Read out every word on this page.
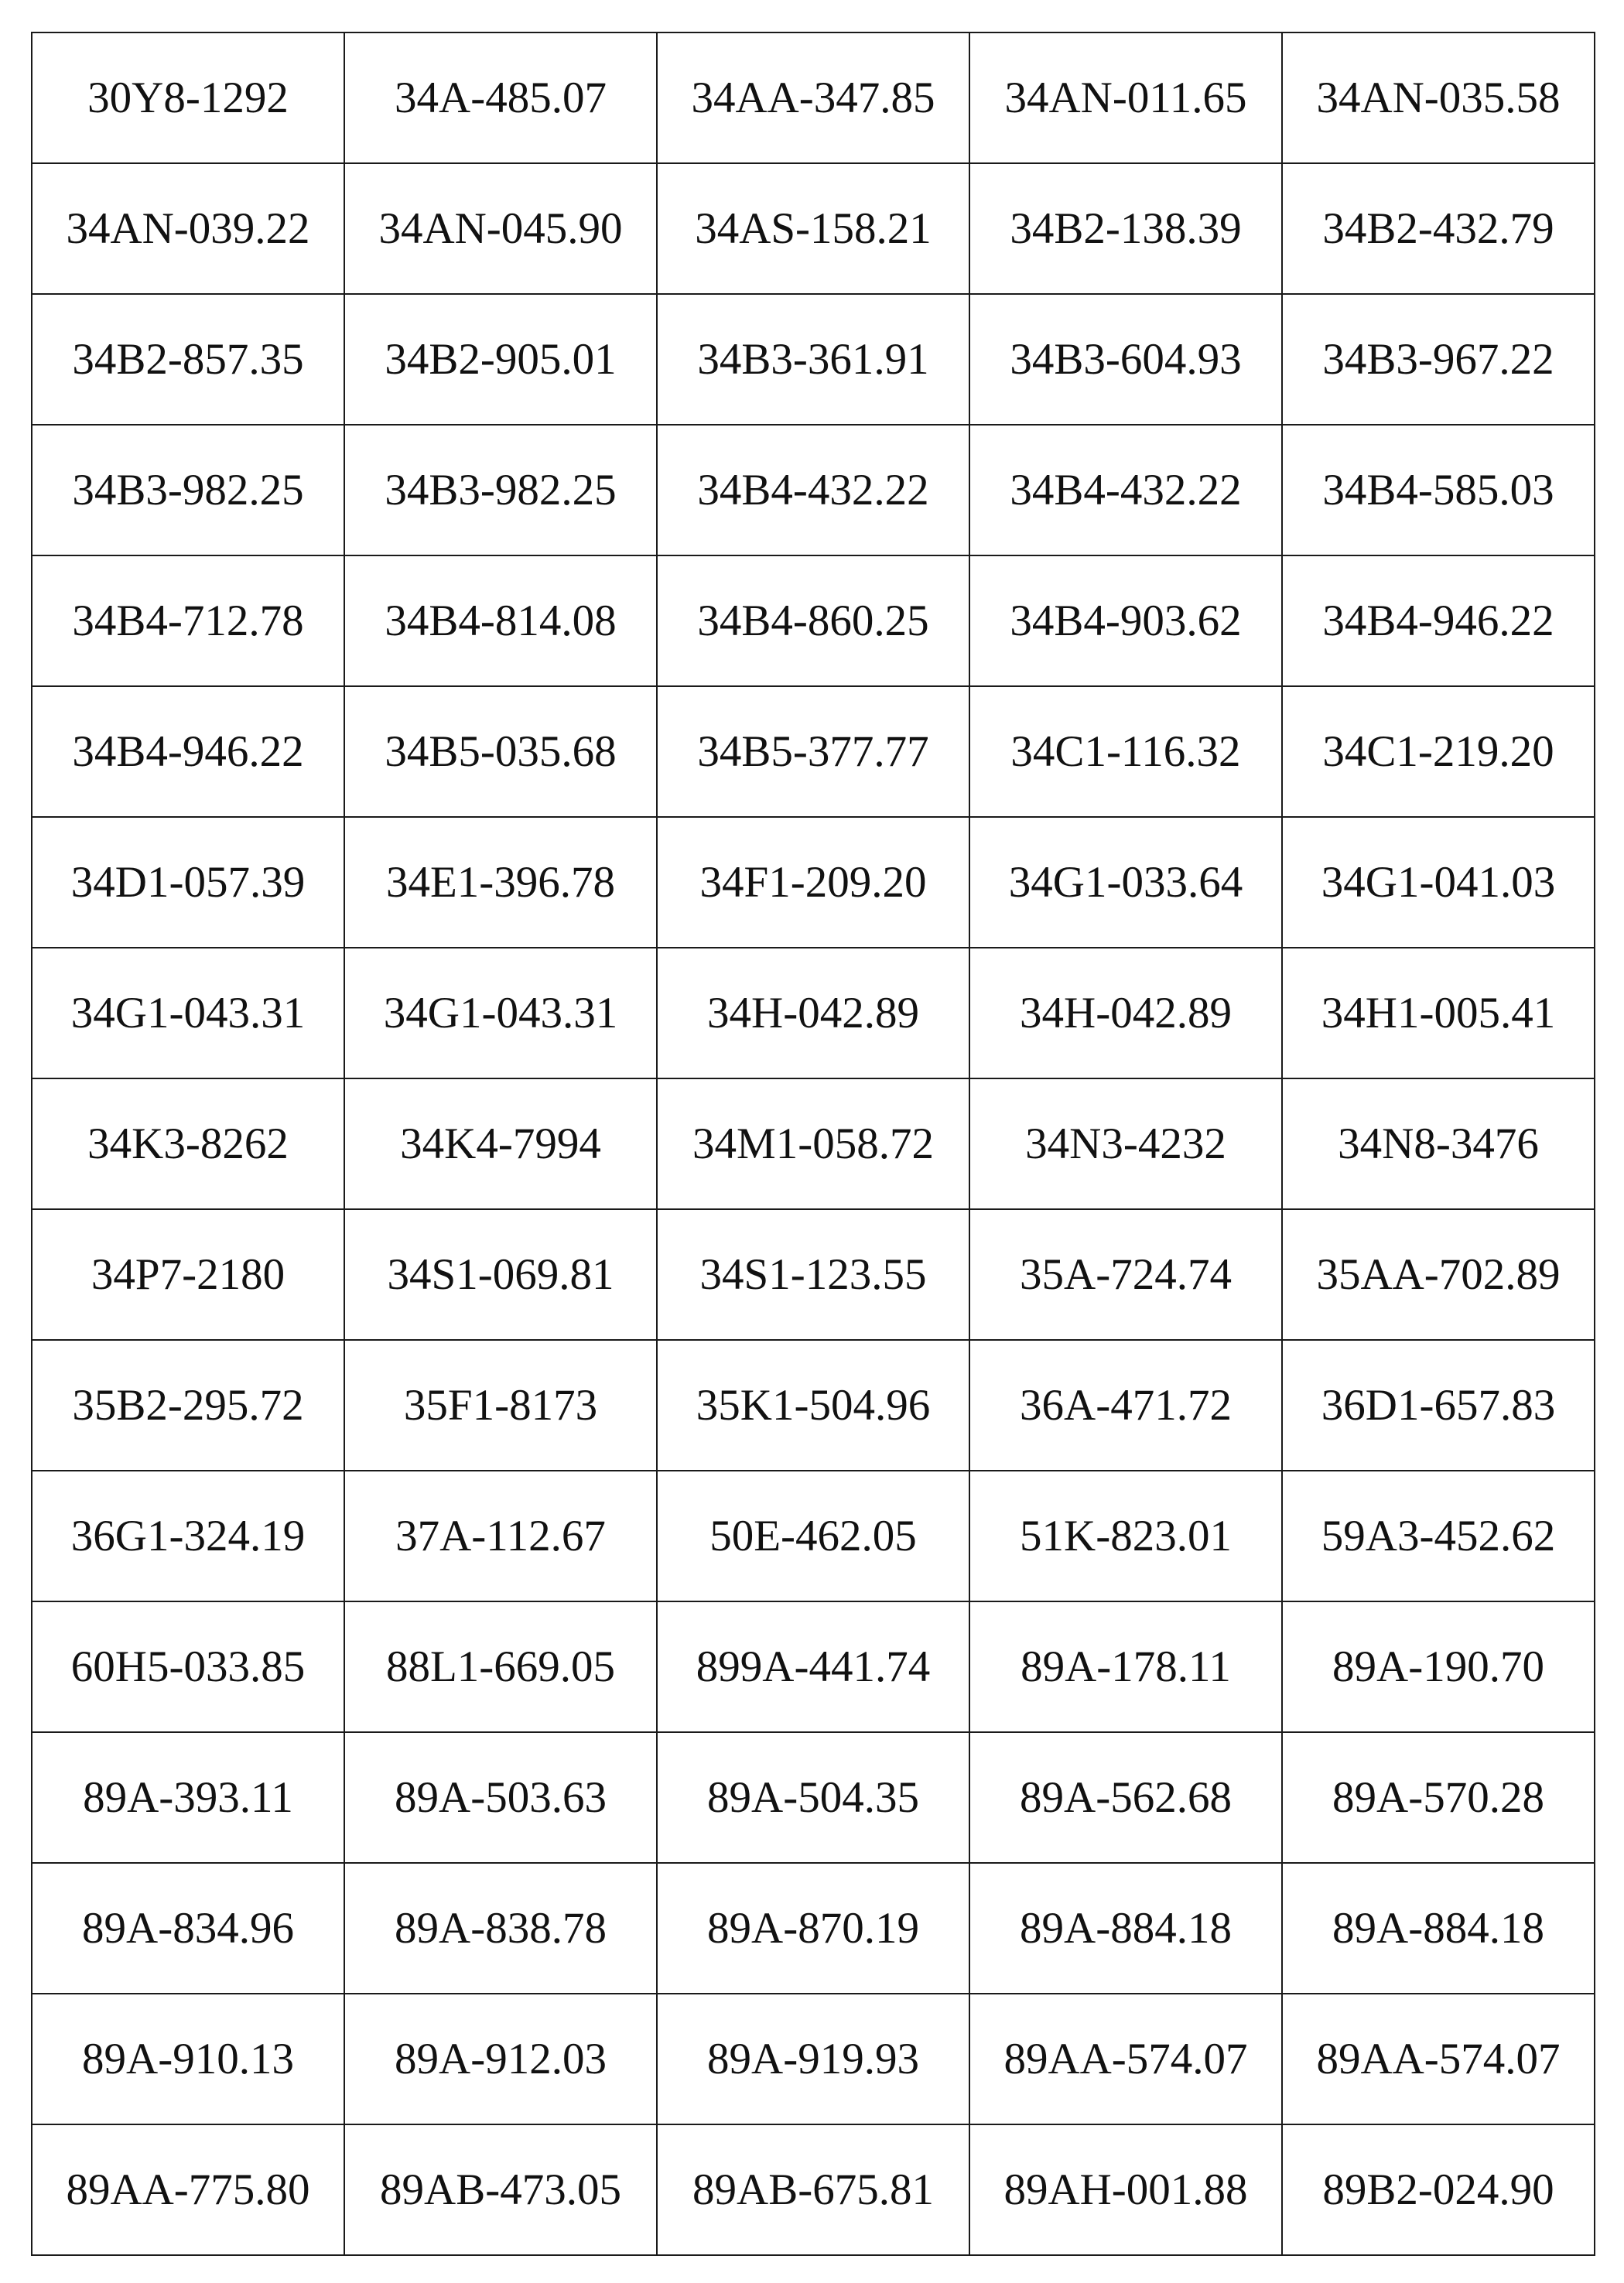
30Y8-1292	34A-485.07	34AA-347.85	34AN-011.65	34AN-035.58
34AN-039.22	34AN-045.90	34AS-158.21	34B2-138.39	34B2-432.79
34B2-857.35	34B2-905.01	34B3-361.91	34B3-604.93	34B3-967.22
34B3-982.25	34B3-982.25	34B4-432.22	34B4-432.22	34B4-585.03
34B4-712.78	34B4-814.08	34B4-860.25	34B4-903.62	34B4-946.22
34B4-946.22	34B5-035.68	34B5-377.77	34C1-116.32	34C1-219.20
34D1-057.39	34E1-396.78	34F1-209.20	34G1-033.64	34G1-041.03
34G1-043.31	34G1-043.31	34H-042.89	34H-042.89	34H1-005.41
34K3-8262	34K4-7994	34M1-058.72	34N3-4232	34N8-3476
34P7-2180	34S1-069.81	34S1-123.55	35A-724.74	35AA-702.89
35B2-295.72	35F1-8173	35K1-504.96	36A-471.72	36D1-657.83
36G1-324.19	37A-112.67	50E-462.05	51K-823.01	59A3-452.62
60H5-033.85	88L1-669.05	899A-441.74	89A-178.11	89A-190.70
89A-393.11	89A-503.63	89A-504.35	89A-562.68	89A-570.28
89A-834.96	89A-838.78	89A-870.19	89A-884.18	89A-884.18
89A-910.13	89A-912.03	89A-919.93	89AA-574.07	89AA-574.07
89AA-775.80	89AB-473.05	89AB-675.81	89AH-001.88	89B2-024.90
